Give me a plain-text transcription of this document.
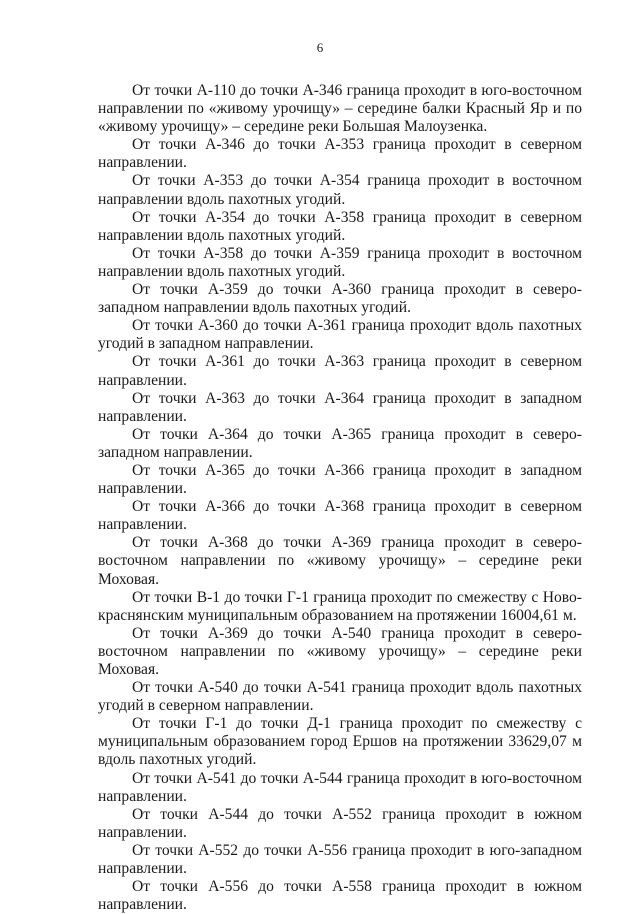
6

От точки А-110 до точки А-346 граница проходит в юго-восточном направлении по «живому урочищу» – середине балки Красный Яр и по «живому урочищу» – середине реки Большая Малоузенка.

От точки А-346 до точки А-353 граница проходит в северном направлении.

От точки А-353 до точки А-354 граница проходит в восточном направлении вдоль пахотных угодий.

От точки А-354 до точки А-358 граница проходит в северном направлении вдоль пахотных угодий.

От точки А-358 до точки А-359 граница проходит в восточном направлении вдоль пахотных угодий.

От точки А-359 до точки А-360 граница проходит в северо-западном направлении вдоль пахотных угодий.

От точки А-360 до точки А-361 граница проходит вдоль пахотных угодий в западном направлении.

От точки А-361 до точки А-363 граница проходит в северном направлении.

От точки А-363 до точки А-364 граница проходит в западном направлении.

От точки А-364 до точки А-365 граница проходит в северо-западном направлении.

От точки А-365 до точки А-366 граница проходит в западном направлении.

От точки А-366 до точки А-368 граница проходит в северном направлении.

От точки А-368 до точки А-369 граница проходит в северо-восточном направлении по «живому урочищу» – середине реки Моховая.

От точки В-1 до точки Г-1 граница проходит по смежеству с Ново-краснянским муниципальным образованием на протяжении 16004,61 м.

От точки А-369 до точки А-540 граница проходит в северо-восточном направлении по «живому урочищу» – середине реки Моховая.

От точки А-540 до точки А-541 граница проходит вдоль пахотных угодий в северном направлении.

От точки Г-1 до точки Д-1 граница проходит по смежеству с муниципальным образованием город Ершов на протяжении 33629,07 м вдоль пахотных угодий.

От точки А-541 до точки А-544 граница проходит в юго-восточном направлении.

От точки А-544 до точки А-552 граница проходит в южном направлении.

От точки А-552 до точки А-556 граница проходит в юго-западном направлении.

От точки А-556 до точки А-558 граница проходит в южном направлении.
